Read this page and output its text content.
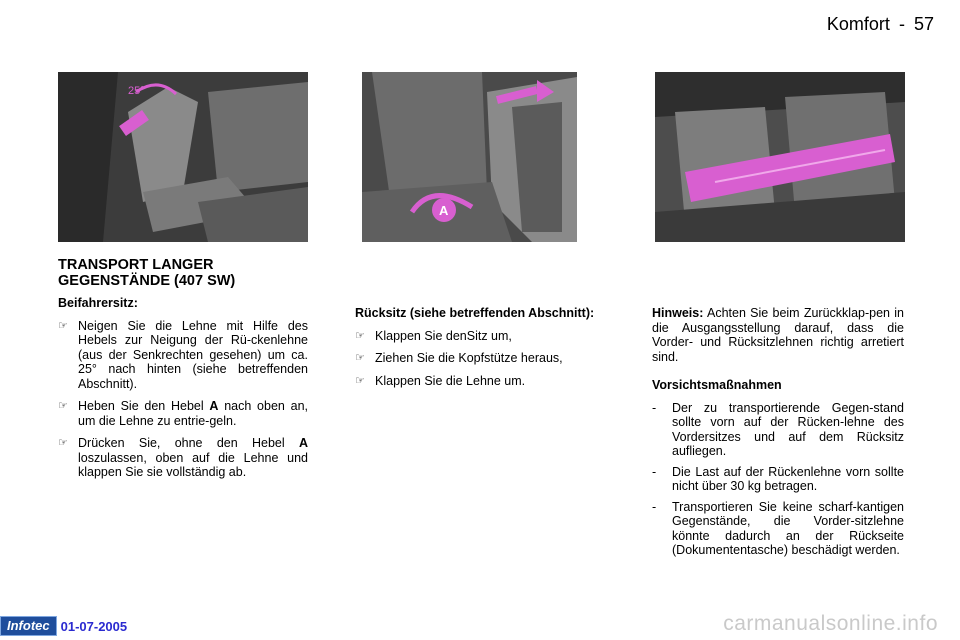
Komfort - 57
25°
A
TRANSPORT LANGER
GEGENSTÄNDE (407 SW)
Beifahrersitz:
☞ Neigen Sie die Lehne mit Hilfe des Hebels zur Neigung der Rü-ckenlehne (aus der Senkrechten gesehen) um ca. 25° nach hinten (siehe betreffenden Abschnitt).
☞ Heben Sie den Hebel A nach oben an, um die Lehne zu entrie-geln.
☞ Drücken Sie, ohne den Hebel A loszulassen, oben auf die Lehne und klappen Sie sie vollständig ab.
Rücksitz (siehe betreffenden Abschnitt):
☞ Klappen Sie denSitz um,
☞ Ziehen Sie die Kopfstütze heraus,
☞ Klappen Sie die Lehne um.
Hinweis: Achten Sie beim Zurückklap-pen in die Ausgangsstellung darauf, dass die Vorder- und Rücksitzlehnen richtig arretiert sind.
Vorsichtsmaßnahmen
- Der zu transportierende Gegen-stand sollte vorn auf der Rücken-lehne des Vordersitzes und auf dem Rücksitz aufliegen.
- Die Last auf der Rückenlehne vorn sollte nicht über 30 kg betragen.
- Transportieren Sie keine scharf-kantigen Gegenstände, die Vorder-sitzlehne könnte dadurch an der Rückseite (Dokumententasche) beschädigt werden.
Infotec 01-07-2005	carmanualsonline.info
